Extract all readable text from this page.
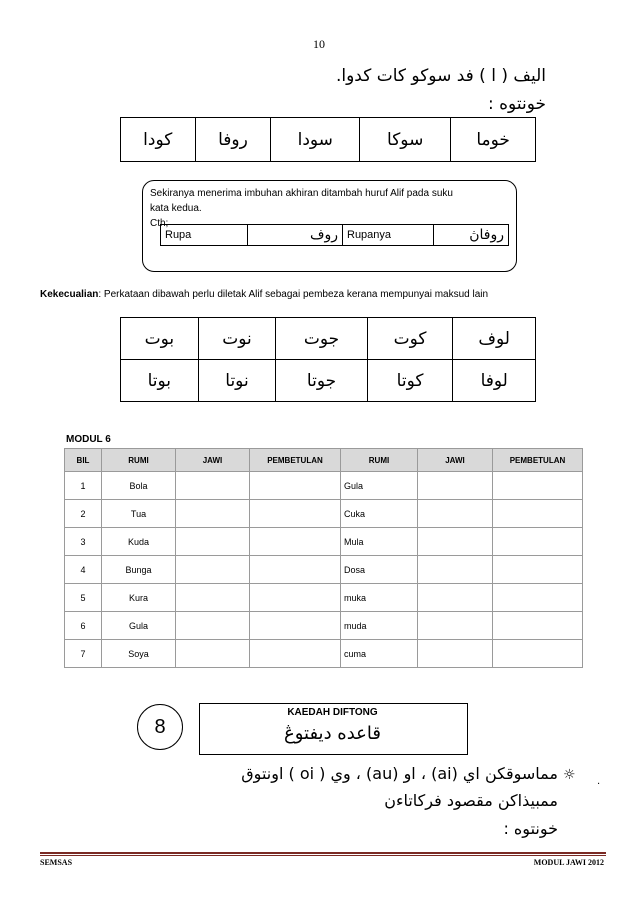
10
اليف ( ا ) فد سوكو كات كدوا.
خونتوه :
كودا	روفا	سودا	سوكا	خوما
Sekiranya menerima imbuhan akhiran ditambah huruf Alif pada suku
kata kedua.
Cth;
Rupa	روف	Rupanya	روفاڽ
Kekecualian: Perkataan dibawah perlu diletak Alif sebagai pembeza kerana mempunyai maksud lain
بوت	نوت	جوت	كوت	لوف
بوتا	نوتا	جوتا	كوتا	لوفا
MODUL 6
BIL	RUMI	JAWI	PEMBETULAN	RUMI	JAWI	PEMBETULAN
1	Bola			Gula		
2	Tua			Cuka		
3	Kuda			Mula		
4	Bunga			Dosa		
5	Kura			muka		
6	Gula			muda		
7	Soya			cuma		
8
KAEDAH DIFTONG
قاعده ديفتوڠ
☼ .
مماسوقكن اي (ai) ، او (au) ، وي ( oi ) اونتوق
ممبيذاكن مقصود فركاتاءن
خونتوه :
SEMSAS	MODUL JAWI 2012
